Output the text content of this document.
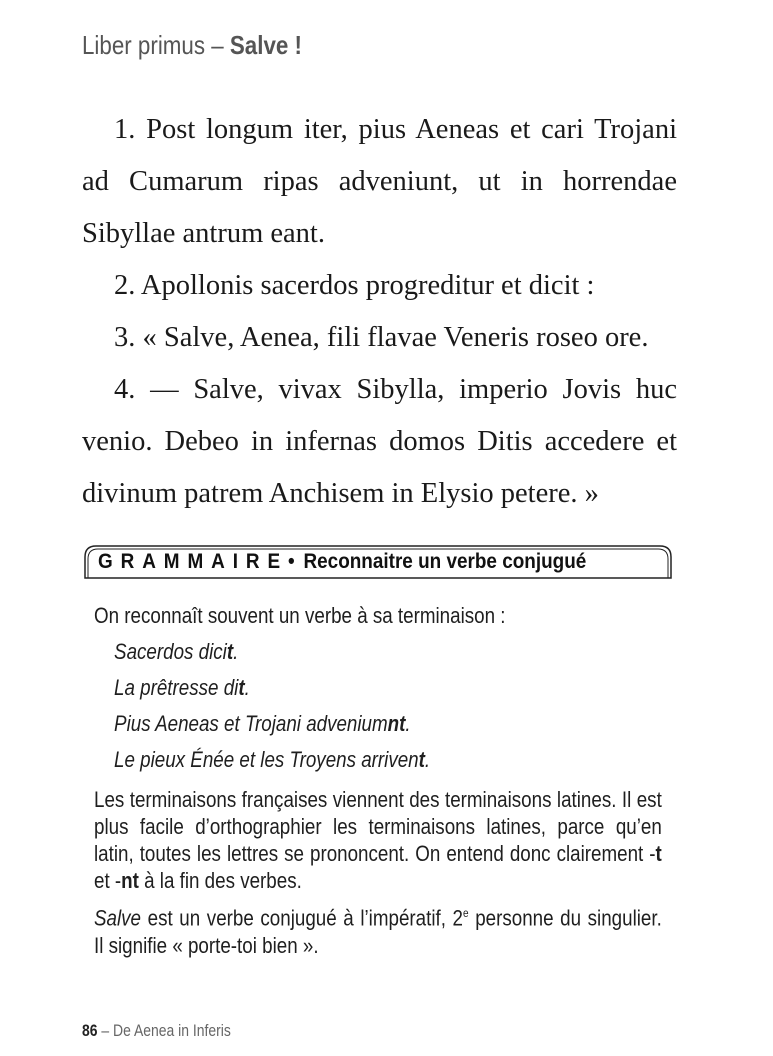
Liber primus – Salve !

1. Post longum iter, pius Aeneas et cari Trojani ad Cumarum ripas adveniunt, ut in horrendae Sibyllae antrum eant.

2. Apollonis sacerdos progreditur et dicit :

3. « Salve, Aenea, fili flavae Veneris roseo ore.

4. — Salve, vivax Sibylla, imperio Jovis huc venio. Debeo in infernas domos Ditis accedere et divinum patrem Anchisem in Elysio petere. »

GRAMMAIRE• Reconnaitre un verbe conjugué
On reconnaît souvent un verbe à sa terminaison :
Sacerdos dicit.
La prêtresse dit.
Pius Aeneas et Trojani adveniumnt.
Le pieux Énée et les Troyens arrivent.
Les terminaisons françaises viennent des terminaisons latines. Il est plus facile d’orthographier les terminaisons latines, parce qu’en latin, toutes les lettres se prononcent. On entend donc clairement -t et -nt à la fin des verbes.
Salve est un verbe conjugué à l’impératif, 2e personne du singulier. Il signifie « porte-toi bien ».
86 – De Aenea in Inferis
